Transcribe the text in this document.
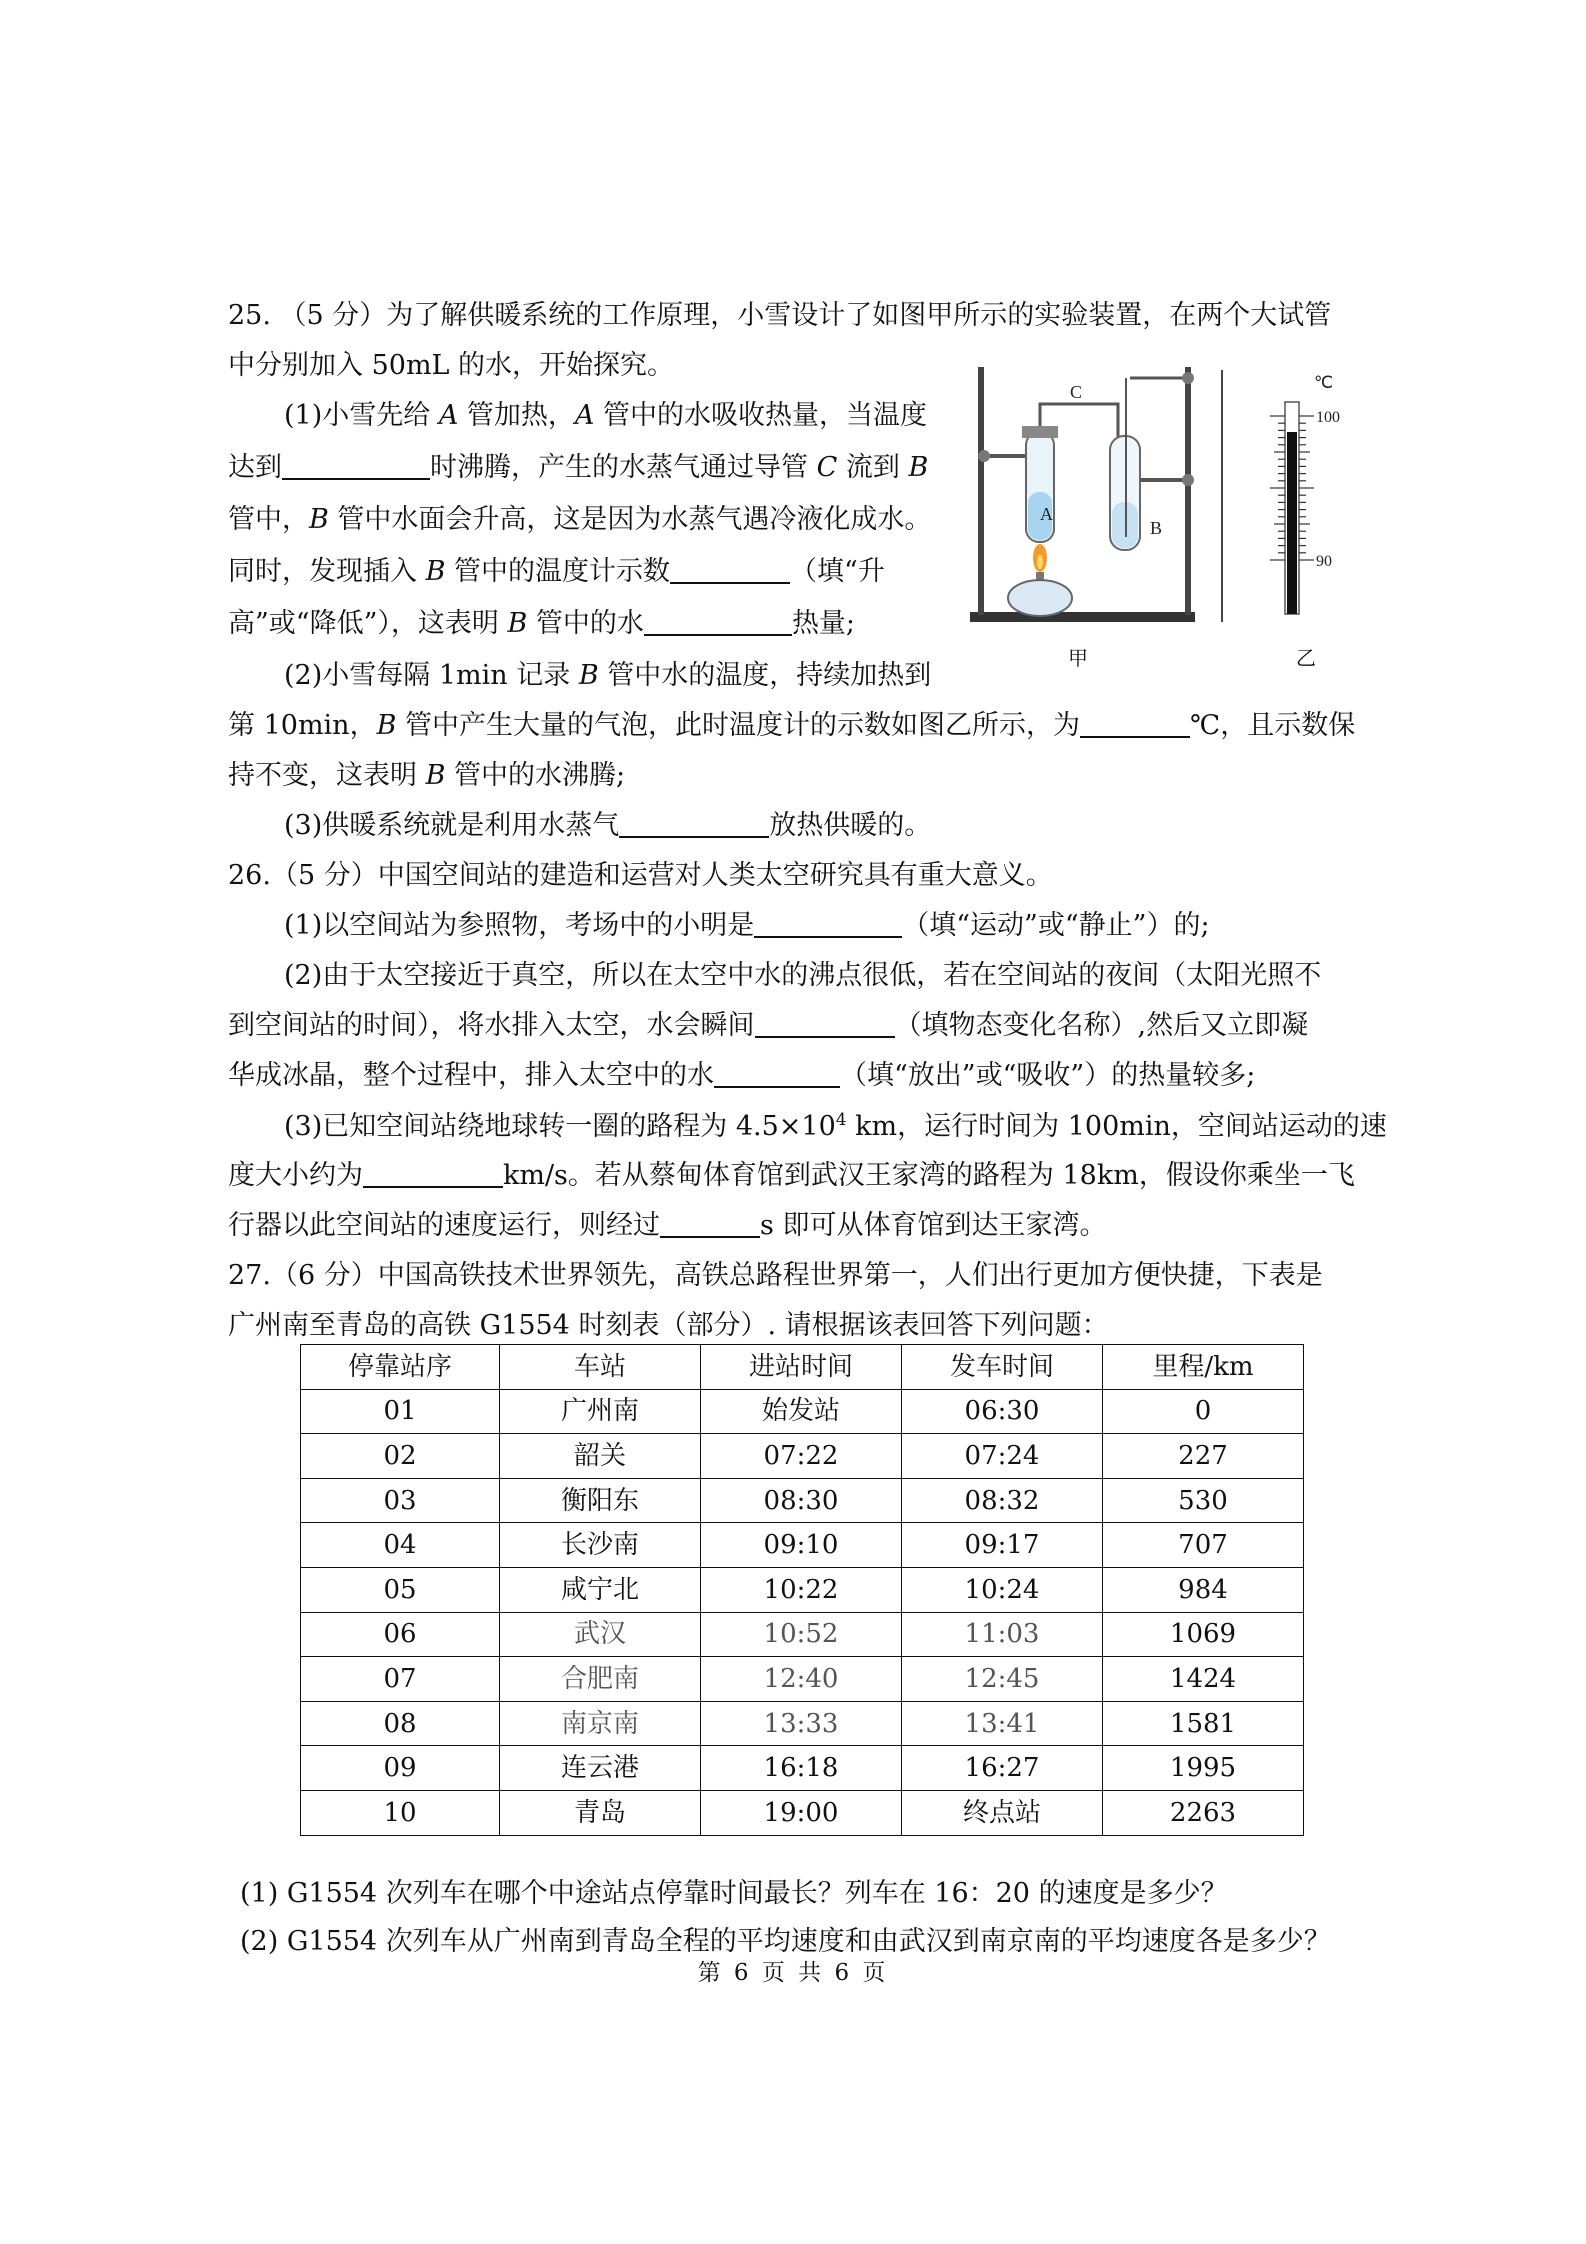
25. （5 分）为了解供暖系统的工作原理，小雪设计了如图甲所示的实验装置，在两个大试管
中分别加入 50mL 的水，开始探究。
(1)小雪先给 A 管加热，A 管中的水吸收热量，当温度
达到	时沸腾，产生的水蒸气通过导管 C 流到 B
管中，B 管中水面会升高，这是因为水蒸气遇冷液化成水。
同时，发现插入 B 管中的温度计示数	（填“升
高”或“降低”），这表明 B 管中的水	热量;
(2)小雪每隔 1min 记录 B 管中水的温度，持续加热到
第 10min，B 管中产生大量的气泡，此时温度计的示数如图乙所示，为	℃，且示数保
持不变，这表明 B 管中的水沸腾;
(3)供暖系统就是利用水蒸气	放热供暖的。
A
C
B
℃
100
90
甲	乙
26.（5 分）中国空间站的建造和运营对人类太空研究具有重大意义。
(1)以空间站为参照物，考场中的小明是	（填“运动”或“静止”）的;
(2)由于太空接近于真空，所以在太空中水的沸点很低，若在空间站的夜间（太阳光照不
到空间站的时间），将水排入太空，水会瞬间	（填物态变化名称）,然后又立即凝
华成冰晶，整个过程中，排入太空中的水	（填“放出”或“吸收”）的热量较多;
(3)已知空间站绕地球转一圈的路程为 $4.5\times 10^4$ km，运行时间为 100min，空间站运动的速
度大小约为	km/s。若从蔡甸体育馆到武汉王家湾的路程为 18km，假设你乘坐一飞
行器以此空间站的速度运行，则经过	s 即可从体育馆到达王家湾。
27.（6 分）中国高铁技术世界领先，高铁总路程世界第一，人们出行更加方便快捷，下表是
广州南至青岛的高铁 G1554 时刻表（部分）. 请根据该表回答下列问题：
停靠站序	车站	进站时间	发车时间	里程/km
01	广州南	始发站	06:30	0
02	韶关	07:22	07:24	227
03	衡阳东	08:30	08:32	530
04	长沙南	09:10	09:17	707
05	咸宁北	10:22	10:24	984
06	武汉	10:52	11:03	1069
07	合肥南	12:40	12:45	1424
08	南京南	13:33	13:41	1581
09	连云港	16:18	16:27	1995
10	青岛	19:00	终点站	2263
(1) G1554 次列车在哪个中途站点停靠时间最长？列车在 16：20 的速度是多少？
(2) G1554 次列车从广州南到青岛全程的平均速度和由武汉到南京南的平均速度各是多少？
第 6 页 共 6 页
